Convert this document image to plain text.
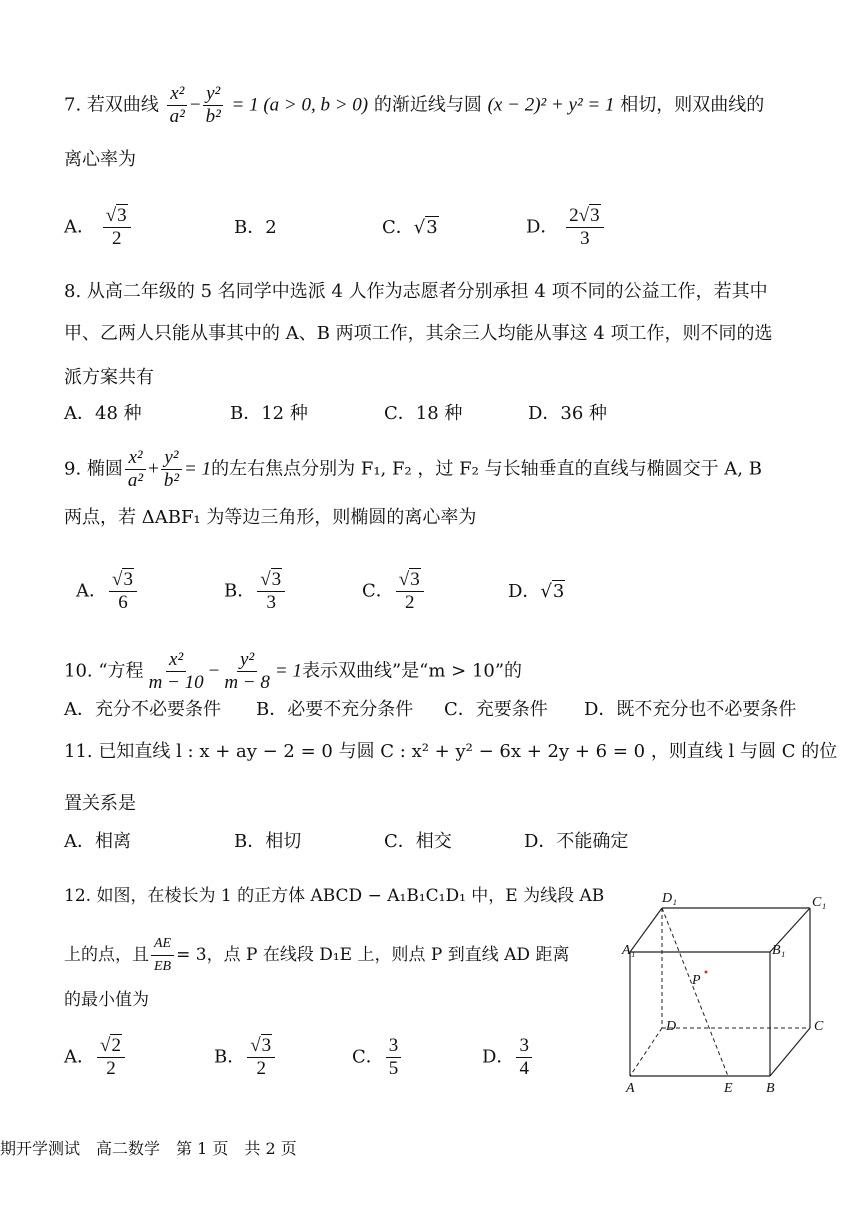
7. 若双曲线 $\frac{\text{x²}}{\text{a²}} - \frac{\text{y²}}{\text{b²}} = 1$ (a > 0, b > 0) 的渐近线与圆 (x − 2)² + y² = 1 相切，则双曲线的
离心率为
A． $\frac{√3}{2}$	B．2	C．√3	D． $\frac{2√3}{3}$
8. 从高二年级的 5 名同学中选派 4 人作为志愿者分别承担 4 项不同的公益工作，若其中
甲、乙两人只能从事其中的 A、B 两项工作，其余三人均能从事这 4 项工作，则不同的选
派方案共有
A．48 种	B．12 种	C．18 种	D．36 种
9. 椭圆 $\frac{\text{x²}}{\text{a²}} + \frac{\text{y²}}{\text{b²}} = 1$的左右焦点分别为 F₁, F₂ ，过 F₂ 与长轴垂直的直线与椭圆交于 A, B
两点，若 ΔABF₁ 为等边三角形，则椭圆的离心率为
A． $\frac{√3}{6}$	B． $\frac{√3}{3}$	C． $\frac{√3}{2}$	D．√3
10. “方程 $\frac{\text{x²}}{m - 10} - \frac{\text{y²}}{m - 8} = 1$表示双曲线”是“m > 10”的
A．充分不必要条件 B．必要不充分条件 C．充要条件 D．既不充分也不必要条件
11. 已知直线 l : x + ay − 2 = 0 与圆 C : x² + y² − 6x + 2y + 6 = 0 ，则直线 l 与圆 C 的位
置关系是
A．相离	B．相切	C．相交	D．不能确定
12. 如图，在棱长为 1 的正方体 ABCD − A₁B₁C₁D₁ 中，E 为线段 AB
上的点，且 $\frac{AE}{EB} = 3$，点 P 在线段 D₁E 上，则点 P 到直线 AD 距离
的最小值为
A． $\frac{√2}{2}$	B． $\frac{√3}{2}$	C． $\frac{3}{5}$	D． $\frac{3}{4}$
D₁	C₁
A₁	B₁
P
D	C
A	E B
期开学测试　高二数学　第 1 页　共 2 页
